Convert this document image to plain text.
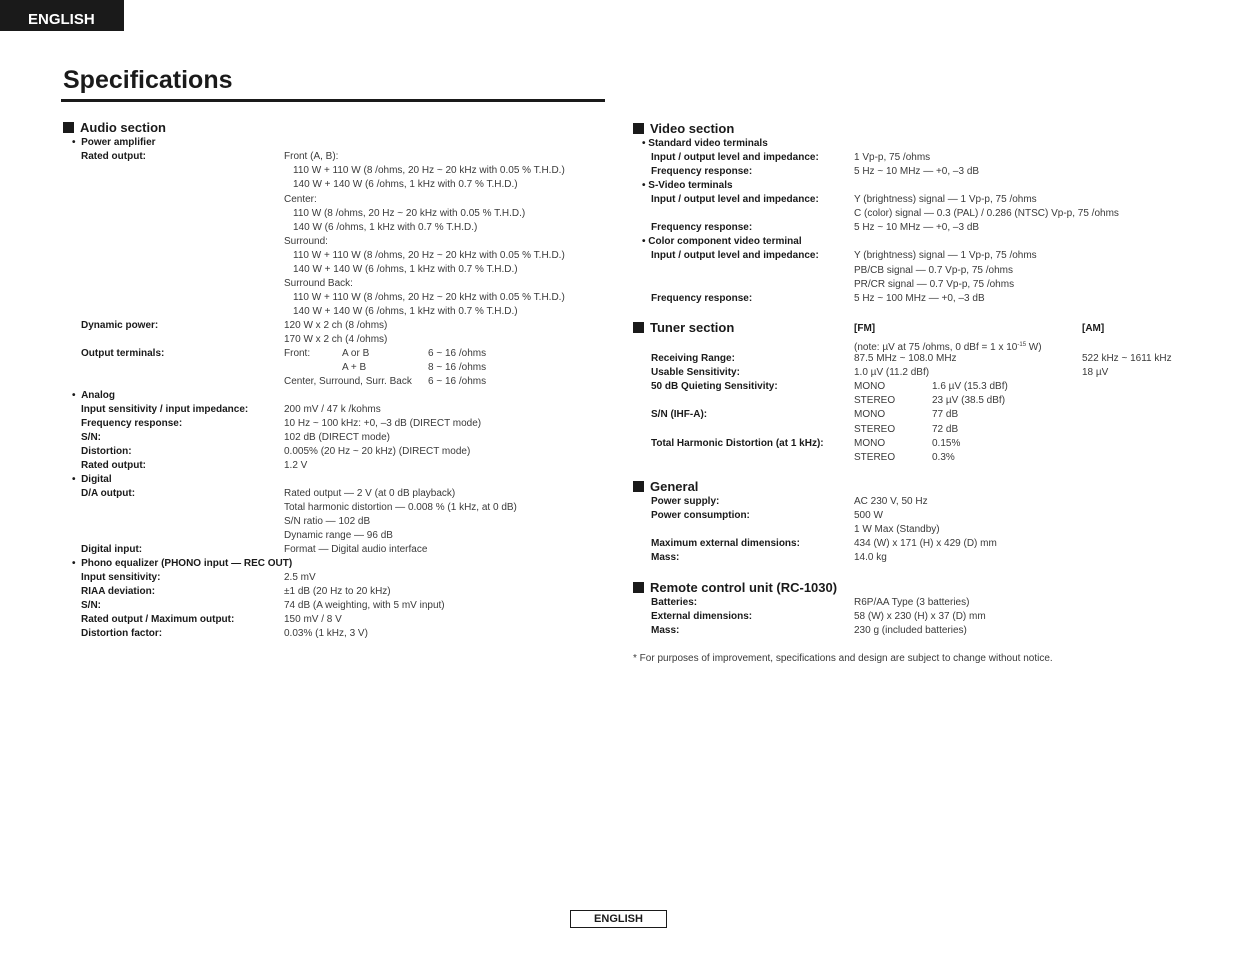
ENGLISH
Specifications
Audio section
•  Power amplifier
Rated output:	Front (A, B):
110 W + 110 W (8 /ohms, 20 Hz ~ 20 kHz with 0.05 % T.H.D.)
140 W + 140 W (6 /ohms, 1 kHz with 0.7 % T.H.D.)
Center:
110 W (8 /ohms, 20 Hz ~ 20 kHz with 0.05 % T.H.D.)
140 W (6 /ohms, 1 kHz with 0.7 % T.H.D.)
Surround:
110 W + 110 W (8 /ohms, 20 Hz ~ 20 kHz with 0.05 % T.H.D.)
140 W + 140 W (6 /ohms, 1 kHz with 0.7 % T.H.D.)
Surround Back:
110 W + 110 W (8 /ohms, 20 Hz ~ 20 kHz with 0.05 % T.H.D.)
140 W + 140 W (6 /ohms, 1 kHz with 0.7 % T.H.D.)
Dynamic power:	120 W x 2 ch (8 /ohms)
170 W x 2 ch (4 /ohms)
Output terminals:	Front:	A or B	6 ~ 16 /ohms
A + B	8 ~ 16 /ohms
Center, Surround, Surr. Back 6 ~ 16 /ohms
•  Analog
Input sensitivity / input impedance:	200 mV / 47 k /kohms
Frequency response:	10 Hz ~ 100 kHz: +0, –3 dB (DIRECT mode)
S/N:	102 dB (DIRECT mode)
Distortion:	0.005% (20 Hz ~ 20 kHz) (DIRECT mode)
Rated output:	1.2 V
•  Digital
D/A output:	Rated output — 2 V (at 0 dB playback)
Total harmonic distortion — 0.008 % (1 kHz, at 0 dB)
S/N ratio — 102 dB
Dynamic range — 96 dB
Digital input:	Format — Digital audio interface
•  Phono equalizer (PHONO input — REC OUT)
Input sensitivity:	2.5 mV
RIAA deviation:	±1 dB (20 Hz to 20 kHz)
S/N:	74 dB (A weighting, with 5 mV input)
Rated output / Maximum output:	150 mV / 8 V
Distortion factor:	0.03% (1 kHz, 3 V)
Video section
• Standard video terminals
Input / output level and impedance:	1 Vp-p, 75 /ohms
Frequency response:	5 Hz ~ 10 MHz — +0, –3 dB
• S-Video terminals
Input / output level and impedance:	Y (brightness) signal — 1 Vp-p, 75 /ohms
C (color) signal — 0.3 (PAL) / 0.286 (NTSC) Vp-p, 75 /ohms
Frequency response:	5 Hz ~ 10 MHz — +0, –3 dB
• Color component video terminal
Input / output level and impedance:	Y (brightness) signal — 1 Vp-p, 75 /ohms
PB/CB signal — 0.7 Vp-p, 75 /ohms
PR/CR signal — 0.7 Vp-p, 75 /ohms
Frequency response:	5 Hz ~ 100 MHz — +0, –3 dB
Tuner section	[FM]	[AM]
(note: µV at 75 /ohms, 0 dBf = 1 x $10^{-15}$ W)
Receiving Range:	87.5 MHz ~ 108.0 MHz	522 kHz ~ 1611 kHz
Usable Sensitivity:	1.0 µV (11.2 dBf)	18 µV
50 dB Quieting Sensitivity:	MONO	1.6 µV (15.3 dBf)
STEREO	23 µV (38.5 dBf)
S/N (IHF-A):	MONO	77 dB
STEREO	72 dB
Total Harmonic Distortion (at 1 kHz):	MONO	0.15%
STEREO	0.3%
General
Power supply:	AC 230 V, 50 Hz
Power consumption:	500 W
1 W Max (Standby)
Maximum external dimensions:	434 (W) x 171 (H) x 429 (D) mm
Mass:	14.0 kg
Remote control unit (RC-1030)
Batteries:	R6P/AA Type (3 batteries)
External dimensions:	58 (W) x 230 (H) x 37 (D) mm
Mass:	230 g (included batteries)
* For purposes of improvement, specifications and design are subject to change without notice.
ENGLISH
